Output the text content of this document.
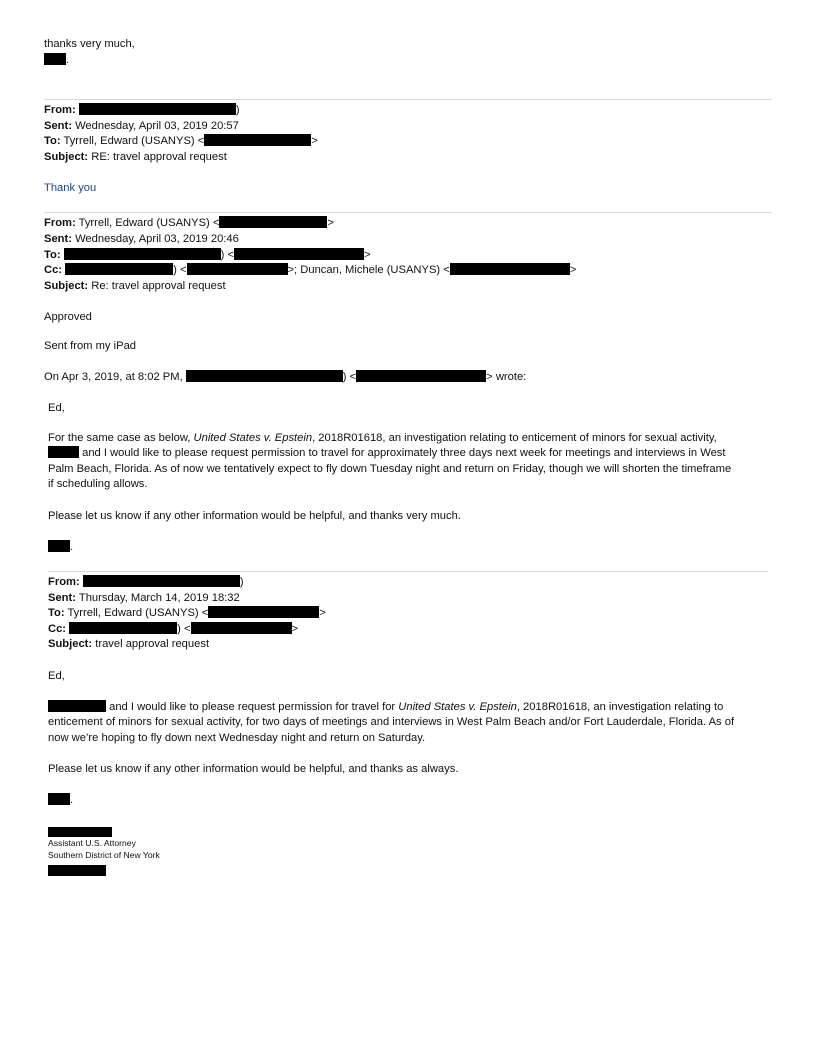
thanks very much,
.
From:	)
Sent: Wednesday, April 03, 2019 20:57
To: Tyrrell, Edward (USANYS) <	>
Subject: RE: travel approval request
Thank you
From: Tyrrell, Edward (USANYS) <	>
Sent: Wednesday, April 03, 2019 20:46
To:	) <	>
Cc:	) <	>; Duncan, Michele (USANYS) <	>
Subject: Re: travel approval request
Approved
Sent from my iPad
On Apr 3, 2019, at 8:02 PM,	) <	> wrote:
Ed,
For the same case as below, United States v. Epstein, 2018R01618, an investigation relating to enticement of minors for sexual activity,
and I would like to please request permission to travel for approximately three days next week for meetings and interviews in West
Palm Beach, Florida. As of now we tentatively expect to fly down Tuesday night and return on Friday, though we will shorten the timeframe
if scheduling allows.
Please let us know if any other information would be helpful, and thanks very much.
.
From:	)
Sent: Thursday, March 14, 2019 18:32
To: Tyrrell, Edward (USANYS) <	>
Cc:	) <	>
Subject: travel approval request
Ed,
and I would like to please request permission for travel for United States v. Epstein, 2018R01618, an investigation relating to
enticement of minors for sexual activity, for two days of meetings and interviews in West Palm Beach and/or Fort Lauderdale, Florida. As of
now we’re hoping to fly down next Wednesday night and return on Saturday.
Please let us know if any other information would be helpful, and thanks as always.
.
Assistant U.S. Attorney
Southern District of New York
